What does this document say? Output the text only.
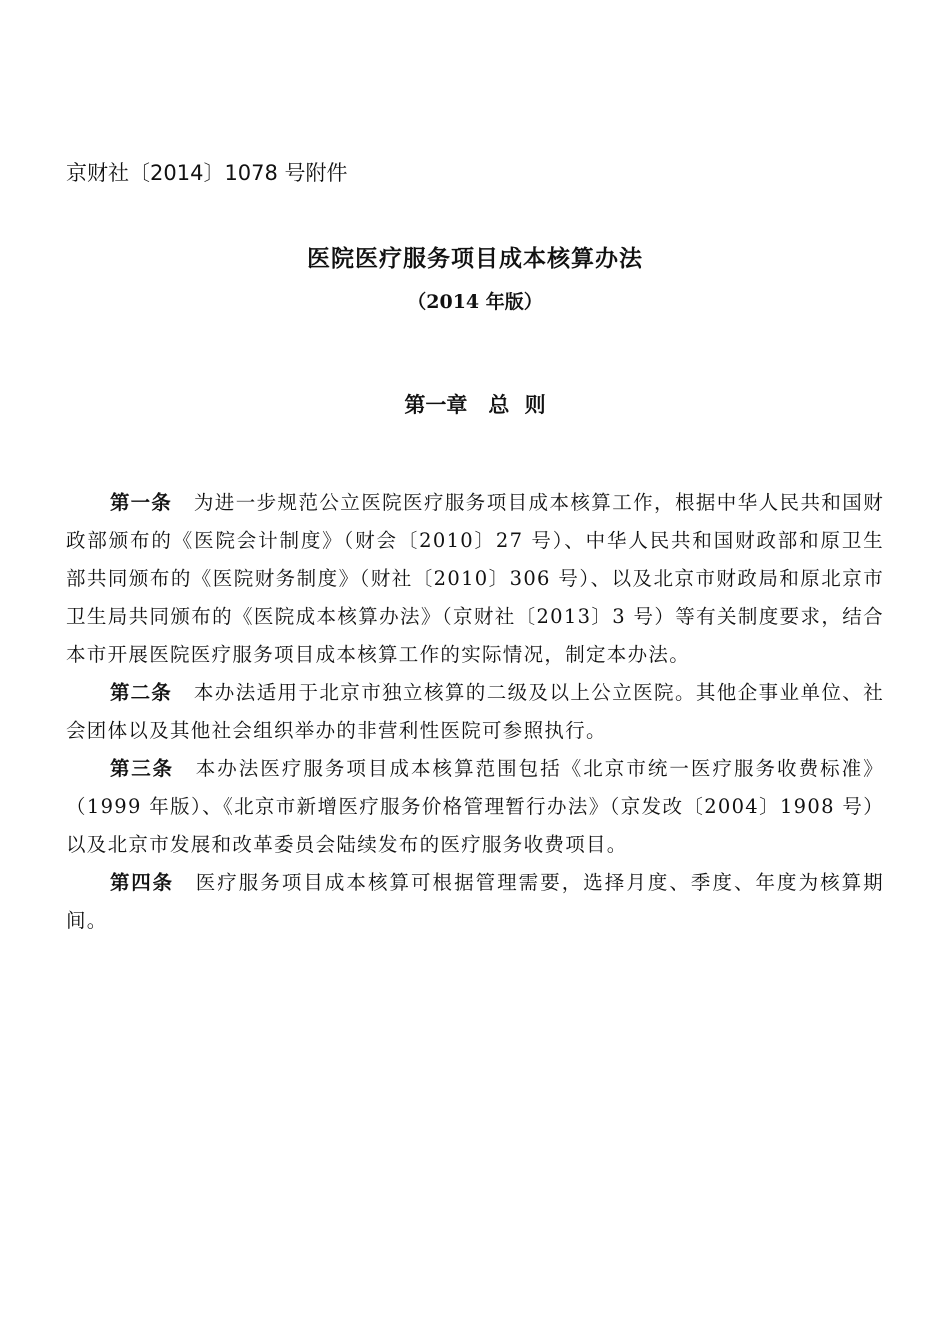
京财社〔2014〕1078 号附件
医院医疗服务项目成本核算办法
（2014 年版）
第一章　总 则

第一条 为进一步规范公立医院医疗服务项目成本核算工作，根据中华人民共和国财政部颁布的《医院会计制度》（财会〔2010〕27 号）、中华人民共和国财政部和原卫生部共同颁布的《医院财务制度》（财社〔2010〕306 号）、以及北京市财政局和原北京市卫生局共同颁布的《医院成本核算办法》（京财社〔2013〕3 号）等有关制度要求，结合本市开展医院医疗服务项目成本核算工作的实际情况，制定本办法。

第二条 本办法适用于北京市独立核算的二级及以上公立医院。其他企事业单位、社会团体以及其他社会组织举办的非营利性医院可参照执行。

第三条 本办法医疗服务项目成本核算范围包括《北京市统一医疗服务收费标准》（1999 年版）、《北京市新增医疗服务价格管理暂行办法》（京发改〔2004〕1908 号）以及北京市发展和改革委员会陆续发布的医疗服务收费项目。

第四条 医疗服务项目成本核算可根据管理需要，选择月度、季度、年度为核算期间。
